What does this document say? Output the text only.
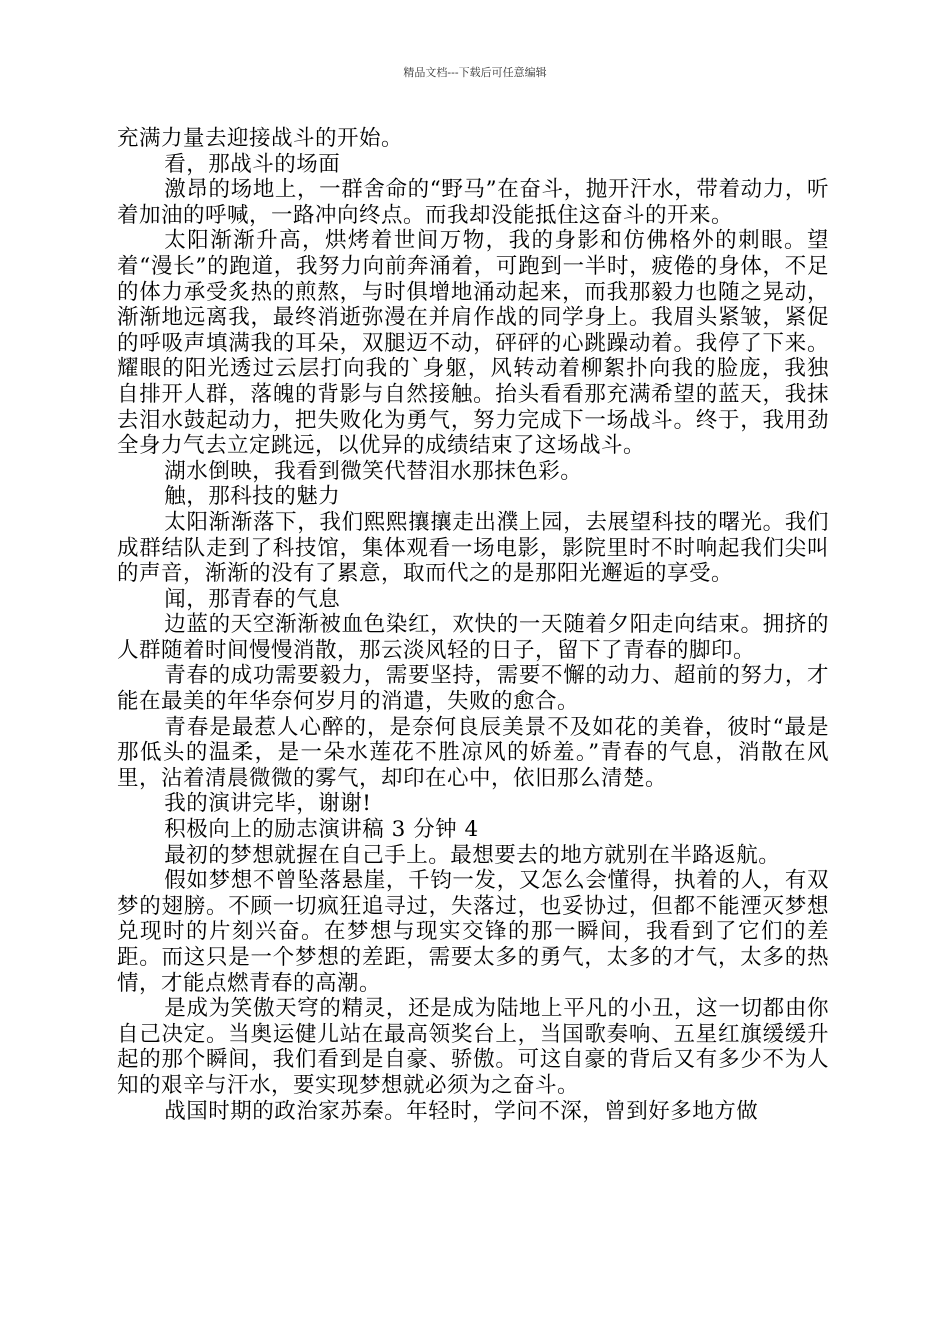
精品文档---下载后可任意编辑

充满力量去迎接战斗的开始。

看，那战斗的场面

激昂的场地上，一群舍命的“野马”在奋斗，抛开汗水，带着动力，听着加油的呼喊，一路冲向终点。而我却没能抵住这奋斗的开来。

太阳渐渐升高，烘烤着世间万物，我的身影和仿佛格外的刺眼。望着“漫长”的跑道，我努力向前奔涌着，可跑到一半时，疲倦的身体，不足的体力承受炙热的煎熬，与时俱增地涌动起来，而我那毅力也随之晃动，渐渐地远离我，最终消逝弥漫在并肩作战的同学身上。我眉头紧皱，紧促的呼吸声填满我的耳朵，双腿迈不动，砰砰的心跳躁动着。我停了下来。耀眼的阳光透过云层打向我的`身躯，风转动着柳絮扑向我的脸庞，我独自排开人群，落魄的背影与自然接触。抬头看看那充满希望的蓝天，我抹去泪水鼓起动力，把失败化为勇气，努力完成下一场战斗。终于，我用劲全身力气去立定跳远，以优异的成绩结束了这场战斗。

湖水倒映，我看到微笑代替泪水那抹色彩。

触，那科技的魅力

太阳渐渐落下，我们熙熙攘攘走出濮上园，去展望科技的曙光。我们成群结队走到了科技馆，集体观看一场电影，影院里时不时响起我们尖叫的声音，渐渐的没有了累意，取而代之的是那阳光邂逅的享受。

闻，那青春的气息

边蓝的天空渐渐被血色染红，欢快的一天随着夕阳走向结束。拥挤的人群随着时间慢慢消散，那云淡风轻的日子，留下了青春的脚印。

青春的成功需要毅力，需要坚持，需要不懈的动力、超前的努力，才能在最美的年华奈何岁月的消遣，失败的愈合。

青春是最惹人心醉的，是奈何良辰美景不及如花的美眷，彼时“最是那低头的温柔，是一朵水莲花不胜凉风的娇羞。”青春的气息，消散在风里，沾着清晨微微的雾气，却印在心中，依旧那么清楚。

我的演讲完毕，谢谢!

积极向上的励志演讲稿 3 分钟 4

最初的梦想就握在自己手上。最想要去的地方就别在半路返航。

假如梦想不曾坠落悬崖，千钧一发，又怎么会懂得，执着的人，有双梦的翅膀。不顾一切疯狂追寻过，失落过，也妥协过，但都不能湮灭梦想兑现时的片刻兴奋。在梦想与现实交锋的那一瞬间，我看到了它们的差距。而这只是一个梦想的差距，需要太多的勇气，太多的才气，太多的热情，才能点燃青春的高潮。

是成为笑傲天穹的精灵，还是成为陆地上平凡的小丑，这一切都由你自己决定。当奥运健儿站在最高领奖台上，当国歌奏响、五星红旗缓缓升起的那个瞬间，我们看到是自豪、骄傲。可这自豪的背后又有多少不为人知的艰辛与汗水，要实现梦想就必须为之奋斗。

战国时期的政治家苏秦。年轻时，学问不深，曾到好多地方做
